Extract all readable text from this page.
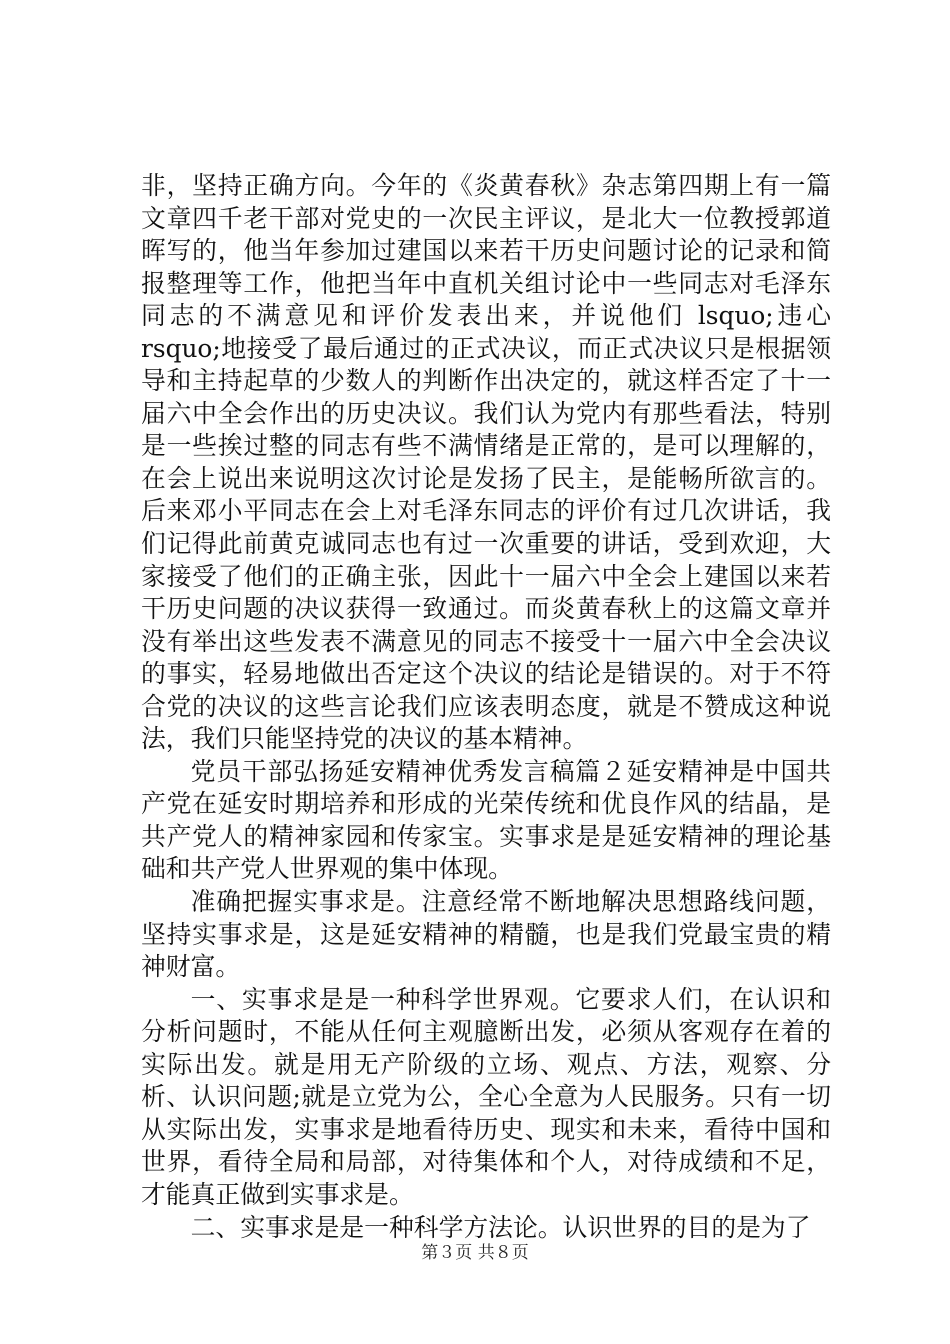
非，坚持正确方向。今年的《炎黄春秋》杂志第四期上有一篇文章四千老干部对党史的一次民主评议，是北大一位教授郭道晖写的，他当年参加过建国以来若干历史问题讨论的记录和简报整理等工作，他把当年中直机关组讨论中一些同志对毛泽东同志的不满意见和评价发表出来，并说他们 lsquo;违心 rsquo;地接受了最后通过的正式决议，而正式决议只是根据领导和主持起草的少数人的判断作出决定的，就这样否定了十一届六中全会作出的历史决议。我们认为党内有那些看法，特别是一些挨过整的同志有些不满情绪是正常的，是可以理解的，在会上说出来说明这次讨论是发扬了民主，是能畅所欲言的。后来邓小平同志在会上对毛泽东同志的评价有过几次讲话，我们记得此前黄克诚同志也有过一次重要的讲话，受到欢迎，大家接受了他们的正确主张，因此十一届六中全会上建国以来若干历史问题的决议获得一致通过。而炎黄春秋上的这篇文章并没有举出这些发表不满意见的同志不接受十一届六中全会决议的事实，轻易地做出否定这个决议的结论是错误的。对于不符合党的决议的这些言论我们应该表明态度，就是不赞成这种说法，我们只能坚持党的决议的基本精神。

党员干部弘扬延安精神优秀发言稿篇２延安精神是中国共产党在延安时期培养和形成的光荣传统和优良作风的结晶，是共产党人的精神家园和传家宝。实事求是是延安精神的理论基础和共产党人世界观的集中体现。

准确把握实事求是。注意经常不断地解决思想路线问题，坚持实事求是，这是延安精神的精髓，也是我们党最宝贵的精神财富。

一、实事求是是一种科学世界观。它要求人们，在认识和分析问题时，不能从任何主观臆断出发，必须从客观存在着的实际出发。就是用无产阶级的立场、观点、方法，观察、分析、认识问题;就是立党为公，全心全意为人民服务。只有一切从实际出发，实事求是地看待历史、现实和未来，看待中国和世界，看待全局和局部，对待集体和个人，对待成绩和不足，才能真正做到实事求是。

二、实事求是是一种科学方法论。认识世界的目的是为了

第３页 共８页
